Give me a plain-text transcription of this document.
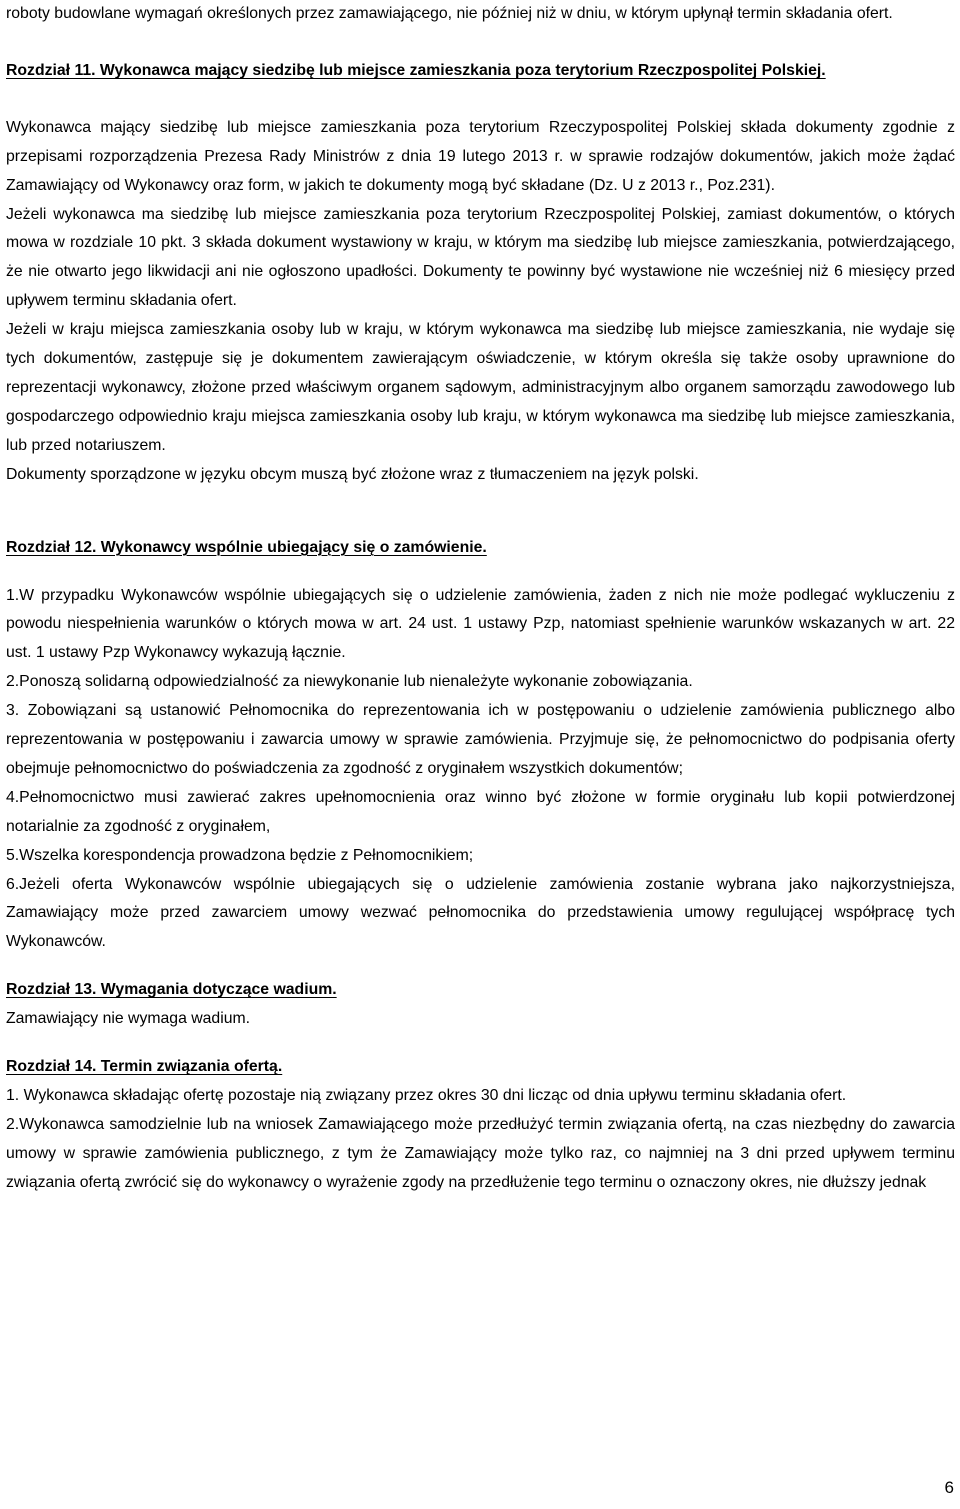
roboty budowlane wymagań określonych przez zamawiającego, nie później niż w dniu, w którym upłynął termin składania ofert.

Rozdział 11. Wykonawca mający siedzibę lub miejsce zamieszkania poza terytorium Rzeczpospolitej Polskiej.

Wykonawca mający siedzibę lub miejsce zamieszkania poza terytorium Rzeczypospolitej Polskiej składa dokumenty zgodnie z przepisami rozporządzenia Prezesa Rady Ministrów z dnia 19 lutego 2013 r. w sprawie rodzajów dokumentów, jakich może żądać Zamawiający od Wykonawcy oraz form, w jakich te dokumenty mogą być składane (Dz. U z 2013 r., Poz.231).

Jeżeli wykonawca ma siedzibę lub miejsce zamieszkania poza terytorium Rzeczpospolitej Polskiej, zamiast dokumentów, o których mowa w rozdziale 10 pkt. 3 składa dokument wystawiony w kraju, w którym ma siedzibę lub miejsce zamieszkania, potwierdzającego, że nie otwarto jego likwidacji ani nie ogłoszono upadłości. Dokumenty te powinny być wystawione nie wcześniej niż 6 miesięcy przed upływem terminu składania ofert.

Jeżeli w kraju miejsca zamieszkania osoby lub w kraju, w którym wykonawca ma siedzibę lub miejsce zamieszkania, nie wydaje się tych dokumentów, zastępuje się je dokumentem zawierającym oświadczenie, w którym określa się także osoby uprawnione do reprezentacji wykonawcy, złożone przed właściwym organem sądowym, administracyjnym albo organem samorządu zawodowego lub gospodarczego odpowiednio kraju miejsca zamieszkania osoby lub kraju, w którym wykonawca ma siedzibę lub miejsce zamieszkania, lub przed notariuszem.

Dokumenty sporządzone w języku obcym muszą być złożone wraz z tłumaczeniem na język polski.

Rozdział 12. Wykonawcy wspólnie ubiegający się o zamówienie.

1.W przypadku Wykonawców wspólnie ubiegających się o udzielenie zamówienia, żaden z nich nie może podlegać wykluczeniu z powodu niespełnienia warunków o których mowa w art. 24 ust. 1 ustawy Pzp, natomiast spełnienie warunków wskazanych w art. 22 ust. 1 ustawy Pzp Wykonawcy wykazują łącznie.

2.Ponoszą solidarną odpowiedzialność za niewykonanie lub nienależyte wykonanie zobowiązania.

3. Zobowiązani są ustanowić Pełnomocnika do reprezentowania ich w postępowaniu o udzielenie zamówienia publicznego albo reprezentowania w postępowaniu i zawarcia umowy w sprawie zamówienia. Przyjmuje się, że pełnomocnictwo do podpisania oferty obejmuje pełnomocnictwo do poświadczenia za zgodność z oryginałem wszystkich dokumentów;

4.Pełnomocnictwo musi zawierać zakres upełnomocnienia oraz winno być złożone w formie oryginału lub kopii potwierdzonej notarialnie za zgodność z oryginałem,

5.Wszelka korespondencja prowadzona będzie z Pełnomocnikiem;

6.Jeżeli oferta Wykonawców wspólnie ubiegających się o udzielenie zamówienia zostanie wybrana jako najkorzystniejsza, Zamawiający może przed zawarciem umowy wezwać pełnomocnika do przedstawienia umowy regulującej współpracę tych Wykonawców.

Rozdział 13. Wymagania dotyczące wadium.

Zamawiający nie wymaga wadium.

Rozdział 14. Termin związania ofertą.

1. Wykonawca składając ofertę pozostaje nią związany przez okres 30 dni licząc od dnia upływu terminu składania ofert.

2.Wykonawca samodzielnie lub na wniosek Zamawiającego może przedłużyć termin związania ofertą, na czas niezbędny do zawarcia umowy w sprawie zamówienia publicznego, z tym że Zamawiający może tylko raz, co najmniej na 3 dni przed upływem terminu związania ofertą zwrócić się do wykonawcy o wyrażenie zgody na przedłużenie tego terminu o oznaczony okres, nie dłuższy jednak

6
